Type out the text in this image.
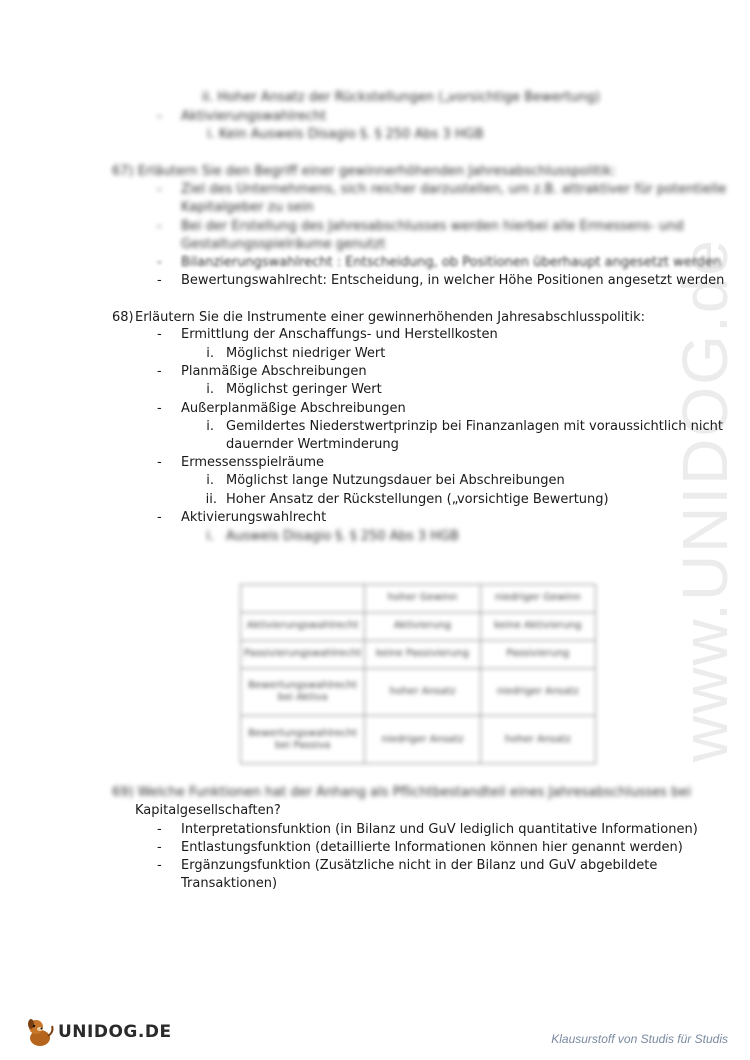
www.UNIDOG.de
ii. Hoher Ansatz der Rückstellungen („vorsichtige Bewertung)
- Aktivierungswahlrecht
i. Kein Ausweis Disagio §. § 250 Abs 3 HGB
67) Erläutern Sie den Begriff einer gewinnerhöhenden Jahresabschlusspolitik:
- Ziel des Unternehmens, sich reicher darzustellen, um z.B. attraktiver für potentielle
Kapitalgeber zu sein
- Bei der Erstellung des Jahresabschlusses werden hierbei alle Ermessens- und
Gestaltungsspielräume genutzt
- Bilanzierungswahlrecht : Entscheidung, ob Positionen überhaupt angesetzt werden
- Bewertungswahlrecht: Entscheidung, in welcher Höhe Positionen angesetzt werden
68) Erläutern Sie die Instrumente einer gewinnerhöhenden Jahresabschlusspolitik:
- Ermittlung der Anschaffungs- und Herstellkosten
i. Möglichst niedriger Wert
- Planmäßige Abschreibungen
i. Möglichst geringer Wert
- Außerplanmäßige Abschreibungen
i. Gemildertes Niederstwertprinzip bei Finanzanlagen mit voraussichtlich nicht
dauernder Wertminderung
- Ermessensspielräume
i. Möglichst lange Nutzungsdauer bei Abschreibungen
ii. Hoher Ansatz der Rückstellungen („vorsichtige Bewertung)
- Aktivierungswahlrecht
i. Ausweis Disagio §. § 250 Abs 3 HGB
	hoher Gewinn	niedriger Gewinn
Aktivierungswahlrecht	Aktivierung	keine Aktivierung
Passivierungswahlrecht	keine Passivierung	Passivierung
Bewertungswahlrecht bei Aktiva	hoher Ansatz	niedriger Ansatz
Bewertungswahlrecht bei Passiva	niedriger Ansatz	hoher Ansatz
69) Welche Funktionen hat der Anhang als Pflichtbestandteil eines Jahresabschlusses bei
Kapitalgesellschaften?
- Interpretationsfunktion (in Bilanz und GuV lediglich quantitative Informationen)
- Entlastungsfunktion (detaillierte Informationen können hier genannt werden)
- Ergänzungsfunktion (Zusätzliche nicht in der Bilanz und GuV abgebildete
Transaktionen)
UNIDOG.DE	Klausurstoff von Studis für Studis
